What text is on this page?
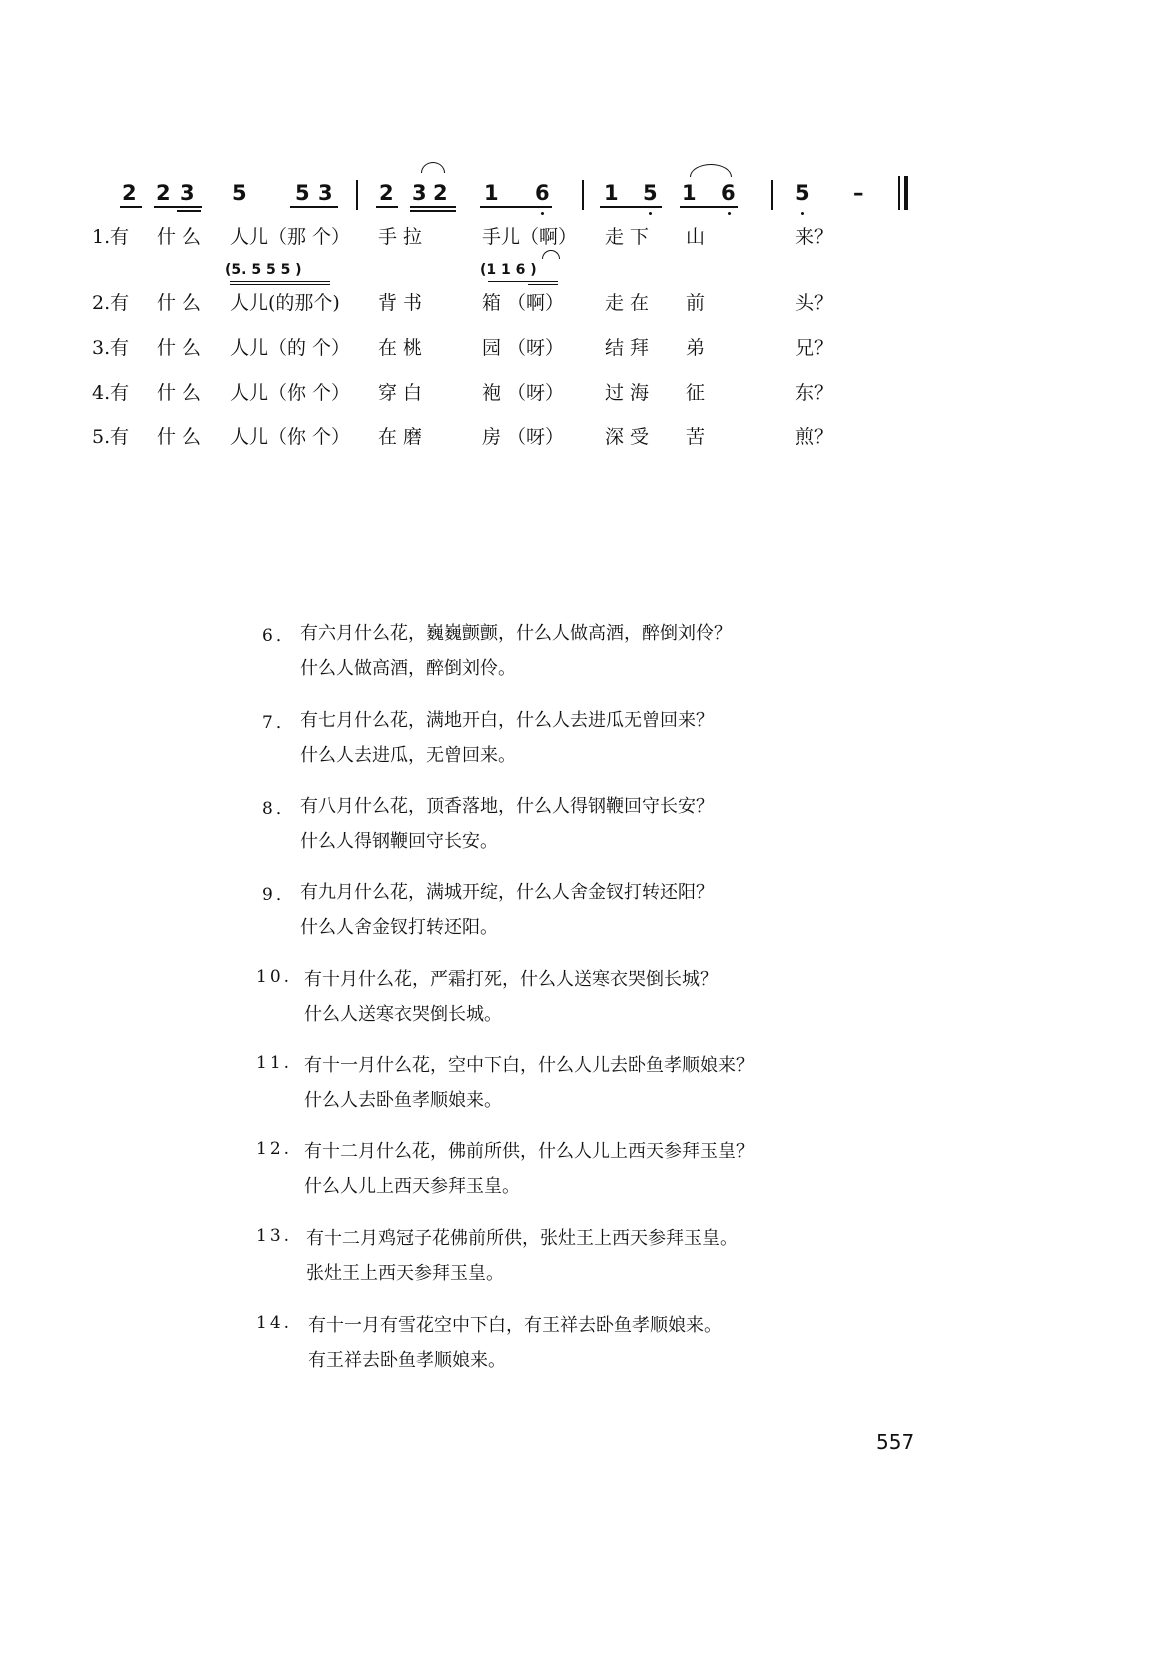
2 2 3 5 5 3 2 3 2 1 6	1 5 1 6	5 –
1.有 什 么 人儿（那 个） 手 拉	手儿（啊） 走 下 山	来？
(5. 5 5 5 )	(1 1 6 )
2.有 什 么 人儿(的那个) 背 书	箱 （啊） 走 在 前	头？
3.有 什 么 人儿（的 个） 在 桃	园 （呀） 结 拜 弟	兄？
4.有 什 么 人儿（你 个） 穿 白	袍 （呀） 过 海 征	东？
5.有 什 么 人儿（你 个） 在 磨	房 （呀） 深 受 苦	煎？
6． 有六月什么花，巍巍颤颤，什么人做高酒，醉倒刘伶？
什么人做高酒，醉倒刘伶。
7． 有七月什么花，满地开白，什么人去进瓜无曾回来？
什么人去进瓜，无曾回来。
8． 有八月什么花，顶香落地，什么人得钢鞭回守长安？
什么人得钢鞭回守长安。
9． 有九月什么花，满城开绽，什么人舍金钗打转还阳？
什么人舍金钗打转还阳。
10. 有十月什么花，严霜打死，什么人送寒衣哭倒长城？
什么人送寒衣哭倒长城。
11. 有十一月什么花，空中下白，什么人儿去卧鱼孝顺娘来？
什么人去卧鱼孝顺娘来。
12. 有十二月什么花，佛前所供，什么人儿上西天参拜玉皇？
什么人儿上西天参拜玉皇。
13. 有十二月鸡冠子花佛前所供，张灶王上西天参拜玉皇。
张灶王上西天参拜玉皇。
14. 有十一月有雪花空中下白，有王祥去卧鱼孝顺娘来。
有王祥去卧鱼孝顺娘来。
557
